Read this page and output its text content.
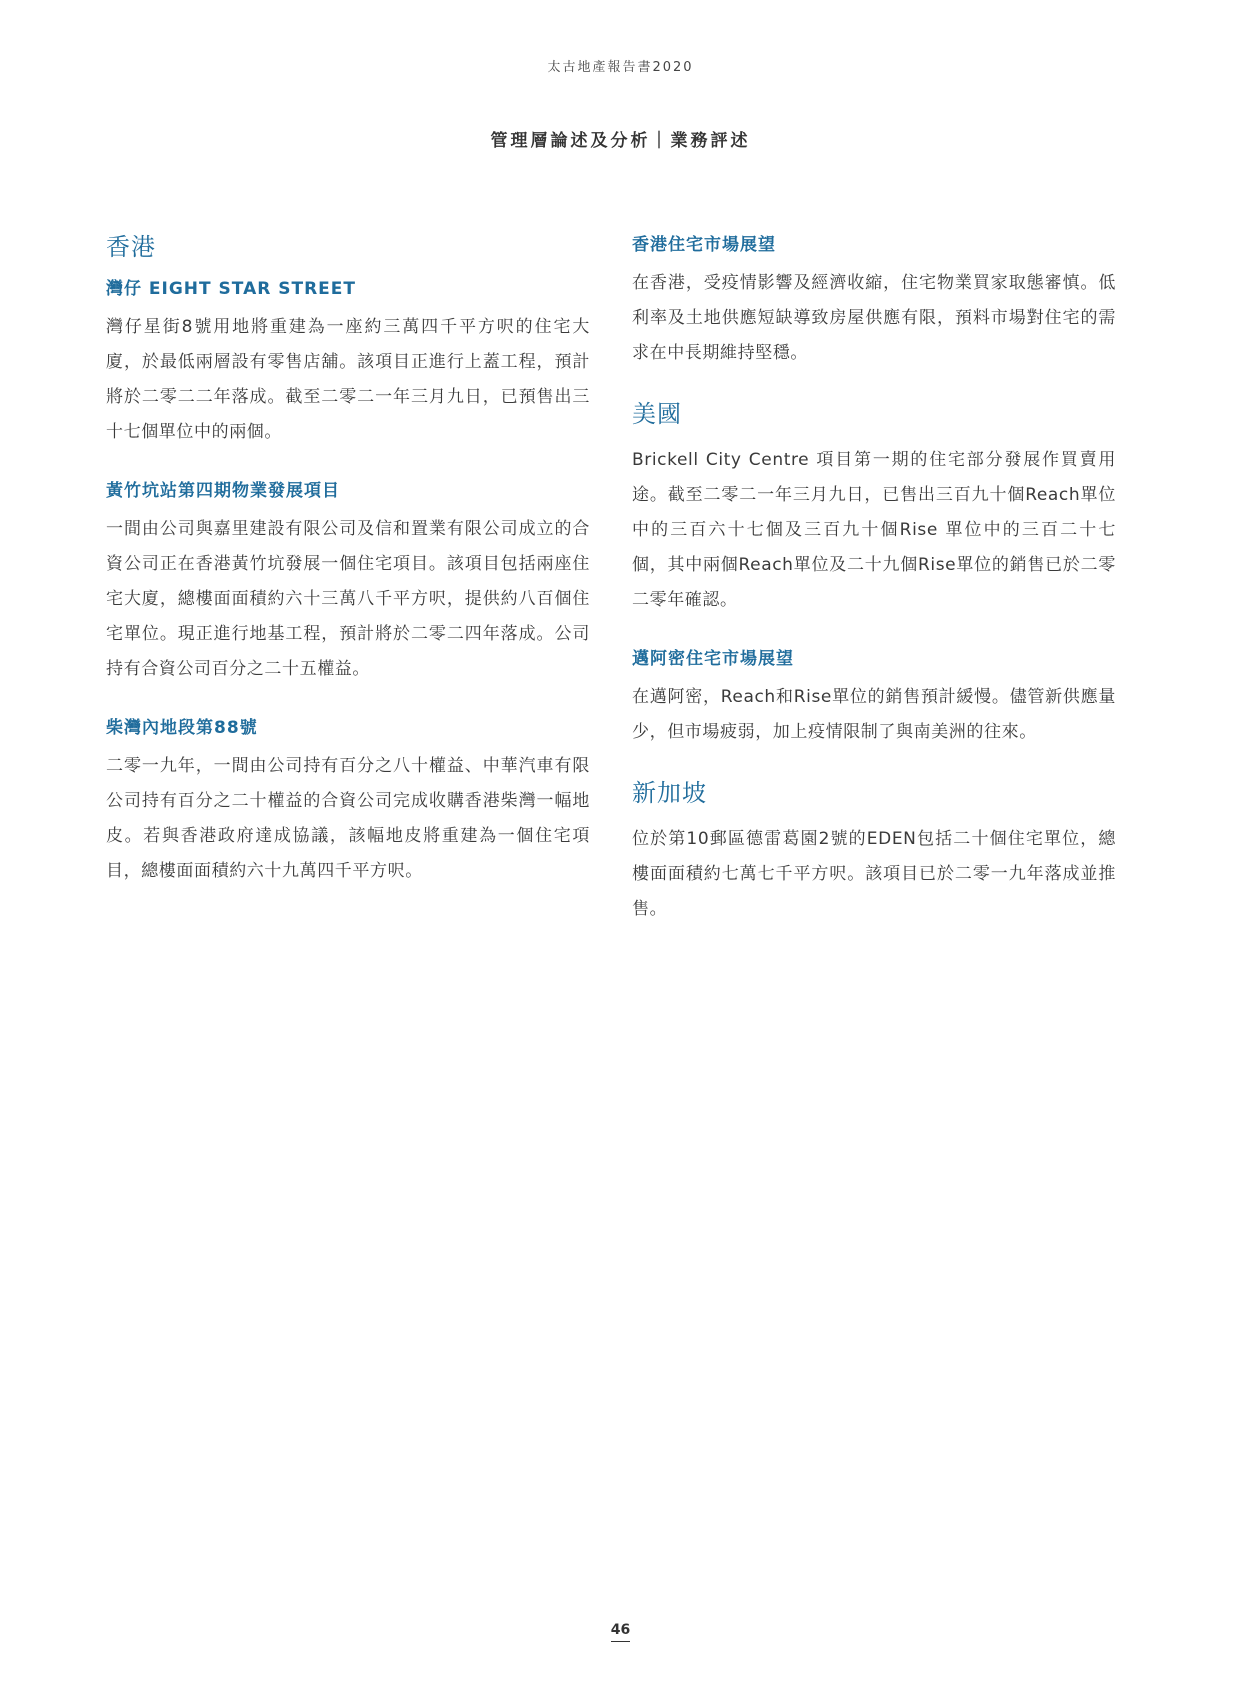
太古地產報告書2020
管理層論述及分析｜業務評述
香港
灣仔 EIGHT STAR STREET

灣仔星街8號用地將重建為一座約三萬四千平方呎的住宅大廈，於最低兩層設有零售店舖。該項目正進行上蓋工程，預計將於二零二二年落成。截至二零二一年三月九日，已預售出三十七個單位中的兩個。

黃竹坑站第四期物業發展項目

一間由公司與嘉里建設有限公司及信和置業有限公司成立的合資公司正在香港黃竹坑發展一個住宅項目。該項目包括兩座住宅大廈，總樓面面積約六十三萬八千平方呎，提供約八百個住宅單位。現正進行地基工程，預計將於二零二四年落成。公司持有合資公司百分之二十五權益。

柴灣內地段第88號

二零一九年，一間由公司持有百分之八十權益、中華汽車有限公司持有百分之二十權益的合資公司完成收購香港柴灣一幅地皮。若與香港政府達成協議，該幅地皮將重建為一個住宅項目，總樓面面積約六十九萬四千平方呎。

香港住宅市場展望

在香港，受疫情影響及經濟收縮，住宅物業買家取態審慎。低利率及土地供應短缺導致房屋供應有限，預料市場對住宅的需求在中長期維持堅穩。

美國

Brickell City Centre 項目第一期的住宅部分發展作買賣用途。截至二零二一年三月九日，已售出三百九十個Reach單位中的三百六十七個及三百九十個Rise 單位中的三百二十七個，其中兩個Reach單位及二十九個Rise單位的銷售已於二零二零年確認。

邁阿密住宅市場展望

在邁阿密，Reach和Rise單位的銷售預計緩慢。儘管新供應量少，但市場疲弱，加上疫情限制了與南美洲的往來。

新加坡

位於第10郵區德雷葛園2號的EDEN包括二十個住宅單位，總樓面面積約七萬七千平方呎。該項目已於二零一九年落成並推售。

46
